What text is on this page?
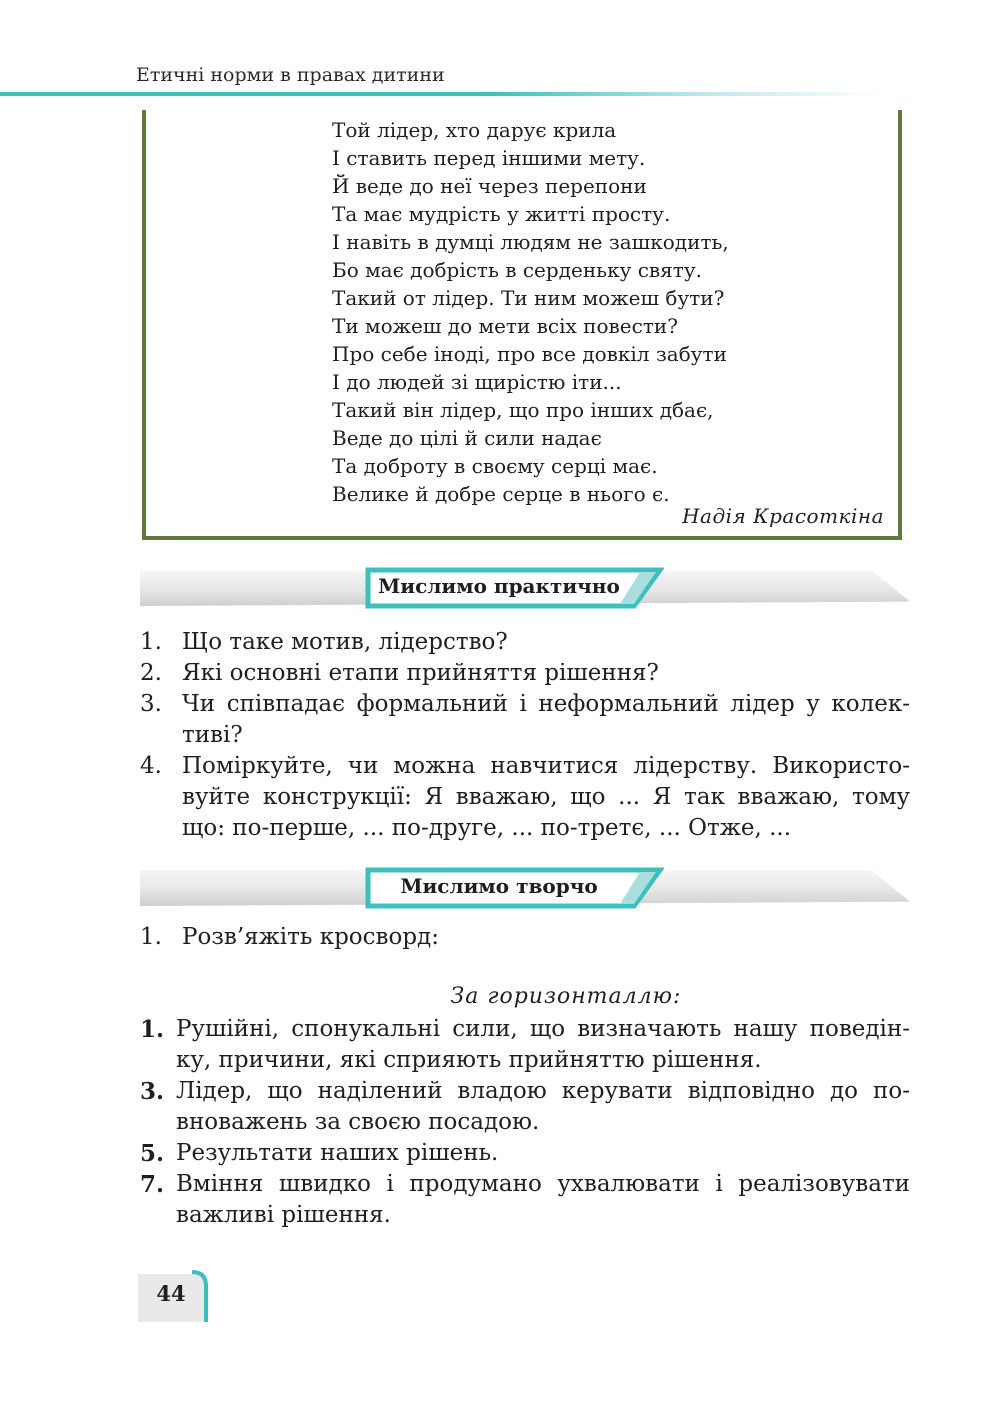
Етичні норми в правах дитини
Той лідер, хто дарує крила
І ставить перед іншими мету.
Й веде до неї через перепони
Та має мудрість у житті просту.
І навіть в думці людям не зашкодить,
Бо має добрість в серденьку святу.
Такий от лідер. Ти ним можеш бути?
Ти можеш до мети всіх повести?
Про себе іноді, про все довкіл забути
І до людей зі щирістю іти...
Такий він лідер, що про інших дбає,
Веде до цілі й сили надає
Та доброту в своєму серці має.
Велике й добре серце в нього є.
Надія Красоткіна
Мислимо практично
1. Що таке мотив, лідерство?
2. Які основні етапи прийняття рішення?
3. Чи співпадає формальний і неформальний лідер у колек-тиві?
4. Поміркуйте, чи можна навчитися лідерству. Використо-вуйте конструкції: Я вважаю, що ... Я так вважаю, тому що: по-перше, ... по-друге, ... по-третє, ... Отже, ...
Мислимо творчо
1. Розв’яжіть кросворд:
За горизонталлю:
1. Рушійні, спонукальні сили, що визначають нашу поведін-ку, причини, які сприяють прийняттю рішення.
3. Лідер, що наділений владою керувати відповідно до по-вноважень за своєю посадою.
5. Результати наших рішень.
7. Вміння швидко і продумано ухвалювати і реалізовувати важливі рішення.
44
